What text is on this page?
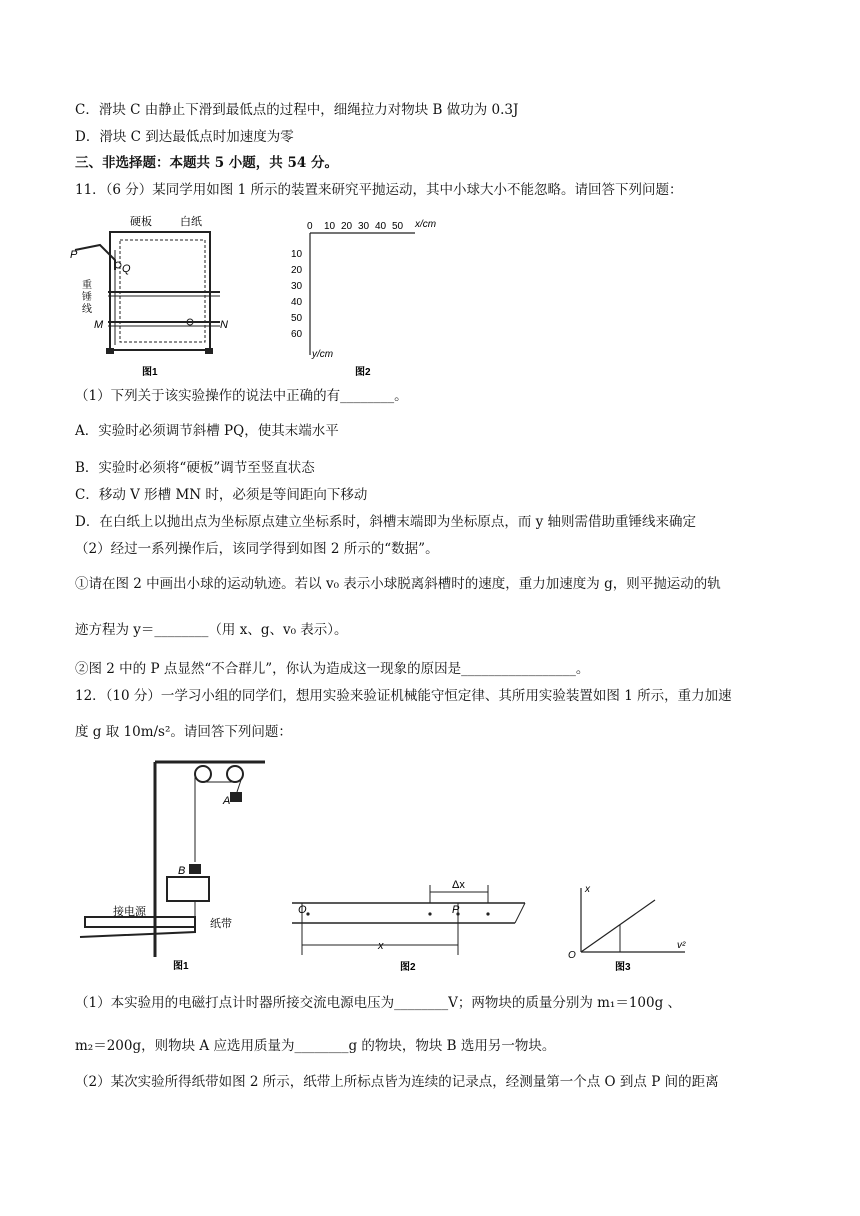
C．滑块 C 由静止下滑到最低点的过程中，细绳拉力对物块 B 做功为 0.3J
D．滑块 C 到达最低点时加速度为零
三、非选择题：本题共 5 小题，共 54 分。
11．（6 分）某同学用如图 1 所示的装置来研究平抛运动，其中小球大小不能忽略。请回答下列问题：
硬板	白纸
P
Q
重
锤
线
M	N
图1
0 10 20 30 40 50
10
20
30
40
50
60
x/cm
y/cm
图2
（1）下列关于该实验操作的说法中正确的有________。
A．实验时必须调节斜槽 PQ，使其末端水平
B．实验时必须将“硬板”调节至竖直状态
C．移动 V 形槽 MN 时，必须是等间距向下移动
D．在白纸上以抛出点为坐标原点建立坐标系时，斜槽末端即为坐标原点，而 y 轴则需借助重锤线来确定
（2）经过一系列操作后，该同学得到如图 2 所示的“数据”。
①请在图 2 中画出小球的运动轨迹。若以 v₀ 表示小球脱离斜槽时的速度，重力加速度为 g，则平抛运动的轨
迹方程为 y＝________（用 x、g、v₀ 表示）。
②图 2 中的 P 点显然“不合群儿”，你认为造成这一现象的原因是_________________。
12．（10 分）一学习小组的同学们，想用实验来验证机械能守恒定律、其所用实验装置如图 1 所示，重力加速
度 g 取 10m/s²。请回答下列问题：
A
B
接电源
纸带
图1
O	P
Δx
x
图2
x
O
v²
图3
（1）本实验用的电磁打点计时器所接交流电源电压为________V；两物块的质量分别为 m₁＝100g 、
m₂＝200g，则物块 A 应选用质量为________g 的物块，物块 B 选用另一物块。
（2）某次实验所得纸带如图 2 所示，纸带上所标点皆为连续的记录点，经测量第一个点 O 到点 P 间的距离
